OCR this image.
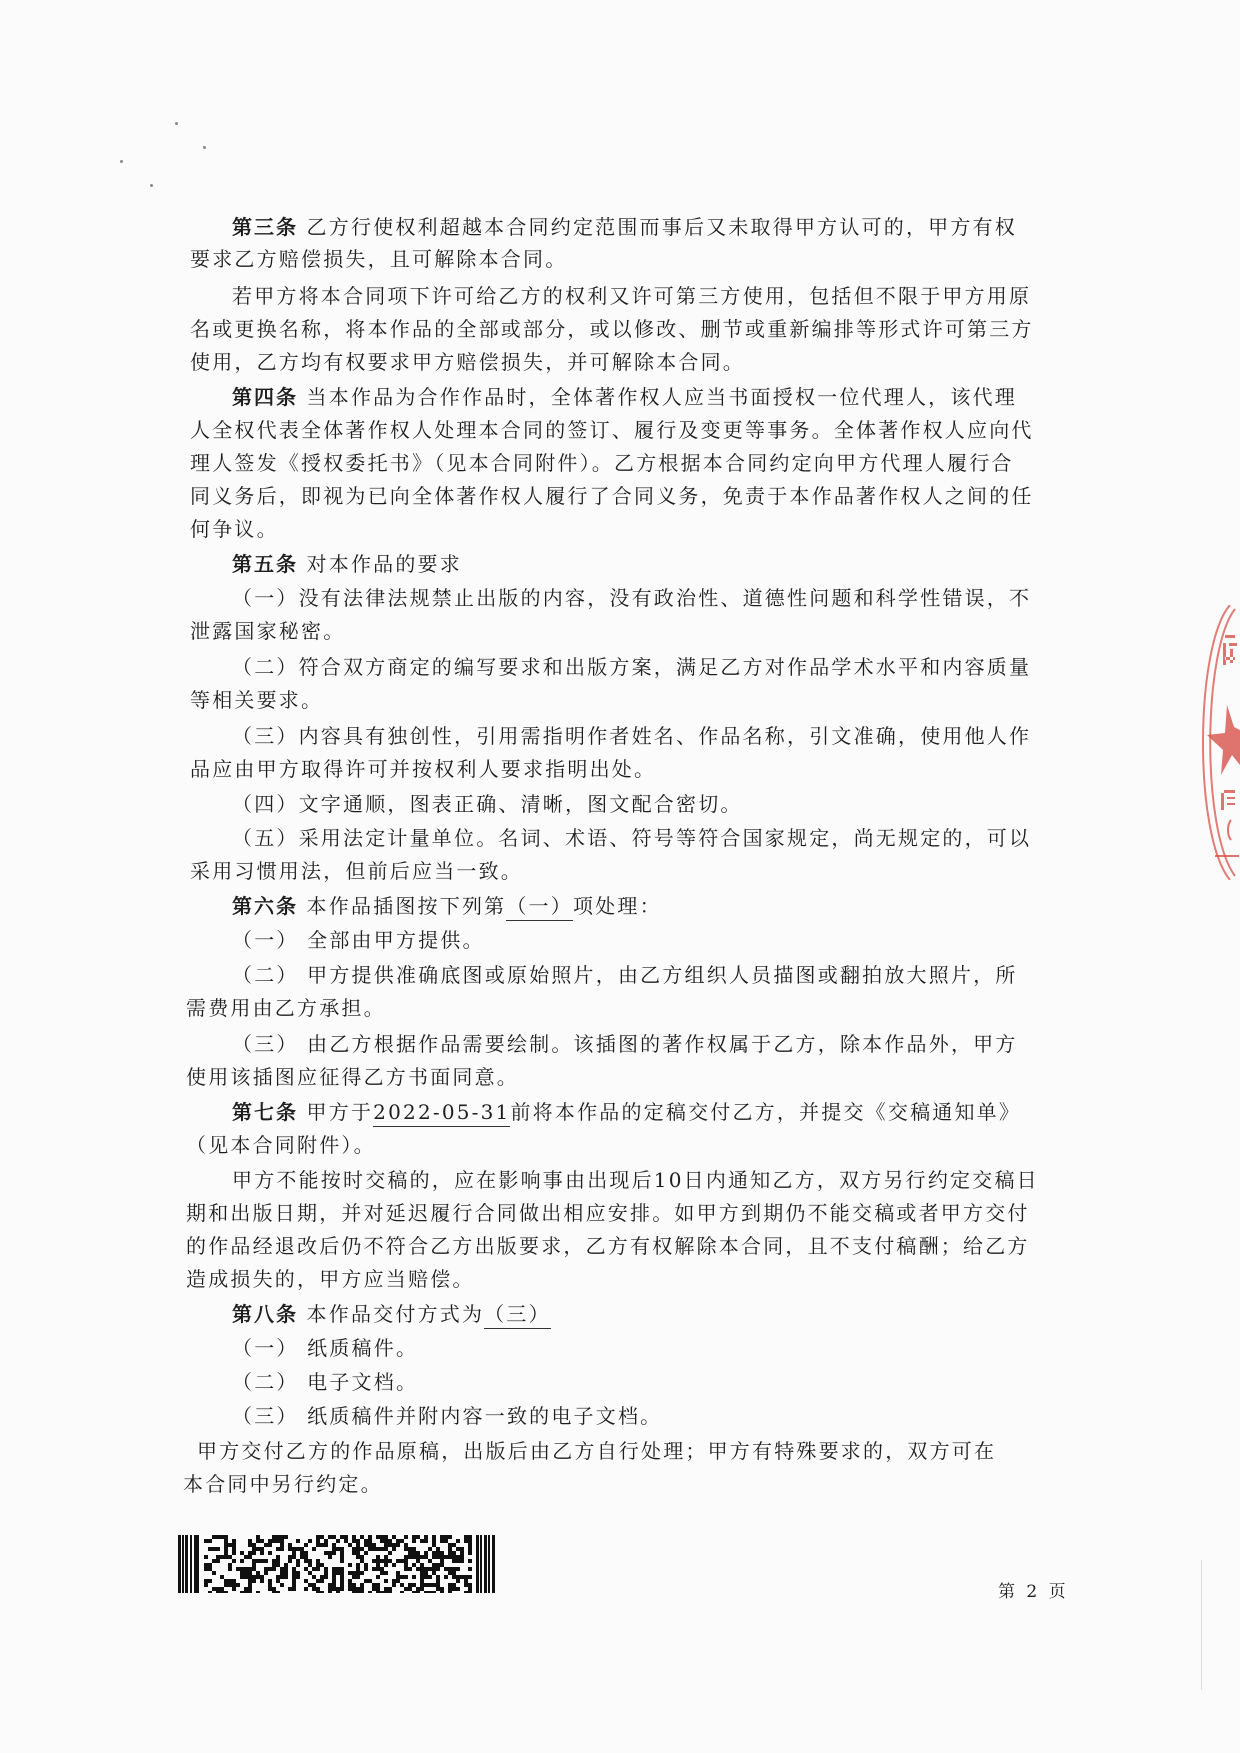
第三条 乙方行使权利超越本合同约定范围而事后又未取得甲方认可的，甲方有权
要求乙方赔偿损失，且可解除本合同。
若甲方将本合同项下许可给乙方的权利又许可第三方使用，包括但不限于甲方用原
名或更换名称，将本作品的全部或部分，或以修改、删节或重新编排等形式许可第三方
使用，乙方均有权要求甲方赔偿损失，并可解除本合同。
第四条 当本作品为合作作品时，全体著作权人应当书面授权一位代理人，该代理
人全权代表全体著作权人处理本合同的签订、履行及变更等事务。全体著作权人应向代
理人签发《授权委托书》（见本合同附件）。乙方根据本合同约定向甲方代理人履行合
同义务后，即视为已向全体著作权人履行了合同义务，免责于本作品著作权人之间的任
何争议。
第五条 对本作品的要求
（一）没有法律法规禁止出版的内容，没有政治性、道德性问题和科学性错误，不
泄露国家秘密。
（二）符合双方商定的编写要求和出版方案，满足乙方对作品学术水平和内容质量
等相关要求。
（三）内容具有独创性，引用需指明作者姓名、作品名称，引文准确，使用他人作
品应由甲方取得许可并按权利人要求指明出处。
（四）文字通顺，图表正确、清晰，图文配合密切。
（五）采用法定计量单位。名词、术语、符号等符合国家规定，尚无规定的，可以
采用习惯用法，但前后应当一致。
第六条 本作品插图按下列第（一）项处理：
（一） 全部由甲方提供。
（二） 甲方提供准确底图或原始照片，由乙方组织人员描图或翻拍放大照片，所
需费用由乙方承担。
（三） 由乙方根据作品需要绘制。该插图的著作权属于乙方，除本作品外，甲方
使用该插图应征得乙方书面同意。
第七条 甲方于2022-05-31前将本作品的定稿交付乙方，并提交《交稿通知单》
（见本合同附件）。
甲方不能按时交稿的，应在影响事由出现后10日内通知乙方，双方另行约定交稿日
期和出版日期，并对延迟履行合同做出相应安排。如甲方到期仍不能交稿或者甲方交付
的作品经退改后仍不符合乙方出版要求，乙方有权解除本合同，且不支付稿酬；给乙方
造成损失的，甲方应当赔偿。
第八条 本作品交付方式为（三）
（一） 纸质稿件。
（二） 电子文档。
（三） 纸质稿件并附内容一致的电子文档。
甲方交付乙方的作品原稿，出版后由乙方自行处理；甲方有特殊要求的，双方可在
本合同中另行约定。
第 2 页
